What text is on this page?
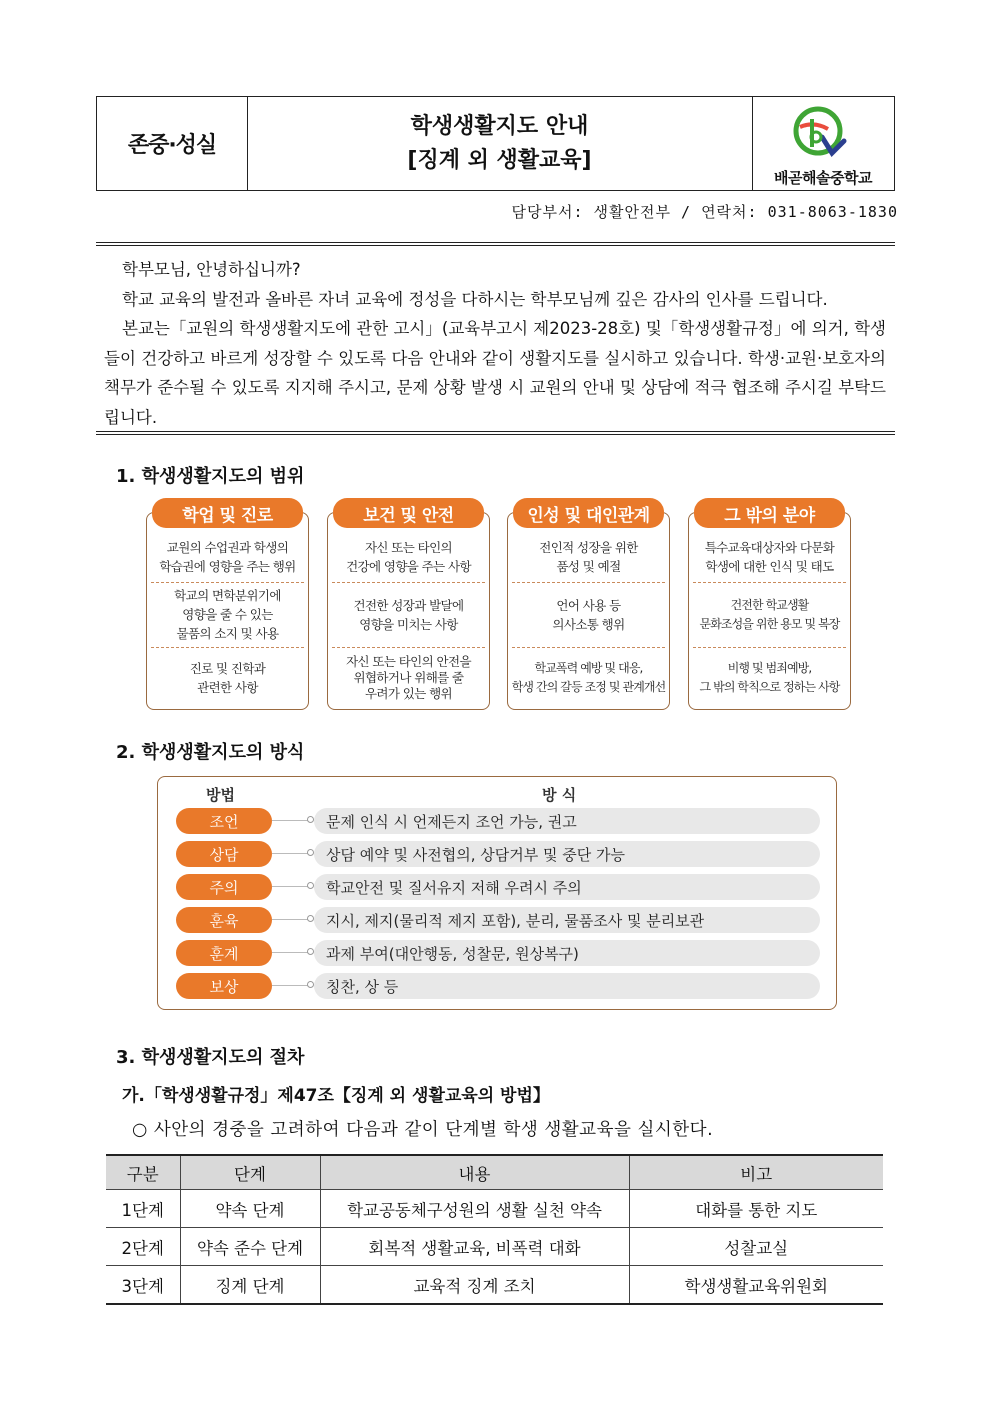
존중·성실
학생생활지도 안내
[징계 외 생활교육]
배곧해솔중학교
담당부서: 생활안전부 / 연락처: 031-8063-1830

학부모님, 안녕하십니까?

학교 교육의 발전과 올바른 자녀 교육에 정성을 다하시는 학부모님께 깊은 감사의 인사를 드립니다.

본교는「교원의 학생생활지도에 관한 고시」(교육부고시 제2023-28호) 및「학생생활규정」에 의거, 학생들이 건강하고 바르게 성장할 수 있도록 다음 안내와 같이 생활지도를 실시하고 있습니다. 학생·교원·보호자의 책무가 준수될 수 있도록 지지해 주시고, 문제 상황 발생 시 교원의 안내 및 상담에 적극 협조해 주시길 부탁드립니다.

1. 학생생활지도의 범위
학업 및 진로
교원의 수업권과 학생의
학습권에 영향을 주는 행위
학교의 면학분위기에
영향을 줄 수 있는
물품의 소지 및 사용
진로 및 진학과
관련한 사항
보건 및 안전
자신 또는 타인의
건강에 영향을 주는 사항
건전한 성장과 발달에
영향을 미치는 사항
자신 또는 타인의 안전을
위협하거나 위해를 줄
우려가 있는 행위
인성 및 대인관계
전인적 성장을 위한
품성 및 예절
언어 사용 등
의사소통 행위
학교폭력 예방 및 대응,
학생 간의 갈등 조정 및 관계개선
그 밖의 분야
특수교육대상자와 다문화
학생에 대한 인식 및 태도
건전한 학교생활
문화조성을 위한 용모 및 복장
비행 및 범죄예방,
그 밖의 학칙으로 정하는 사항
2. 학생생활지도의 방식
방법	방 식
조언	문제 인식 시 언제든지 조언 가능, 권고
상담	상담 예약 및 사전협의, 상담거부 및 중단 가능
주의	학교안전 및 질서유지 저해 우려시 주의
훈육	지시, 제지(물리적 제지 포함), 분리, 물품조사 및 분리보관
훈계	과제 부여(대안행동, 성찰문, 원상복구)
보상	칭찬, 상 등
3. 학생생활지도의 절차
가.「학생생활규정」제47조【징계 외 생활교육의 방법】
○ 사안의 경중을 고려하여 다음과 같이 단계별 학생 생활교육을 실시한다.
구분	단계	내용	비고
1단계	약속 단계	학교공동체구성원의 생활 실천 약속	대화를 통한 지도
2단계	약속 준수 단계	회복적 생활교육, 비폭력 대화	성찰교실
3단계	징계 단계	교육적 징계 조치	학생생활교육위원회
